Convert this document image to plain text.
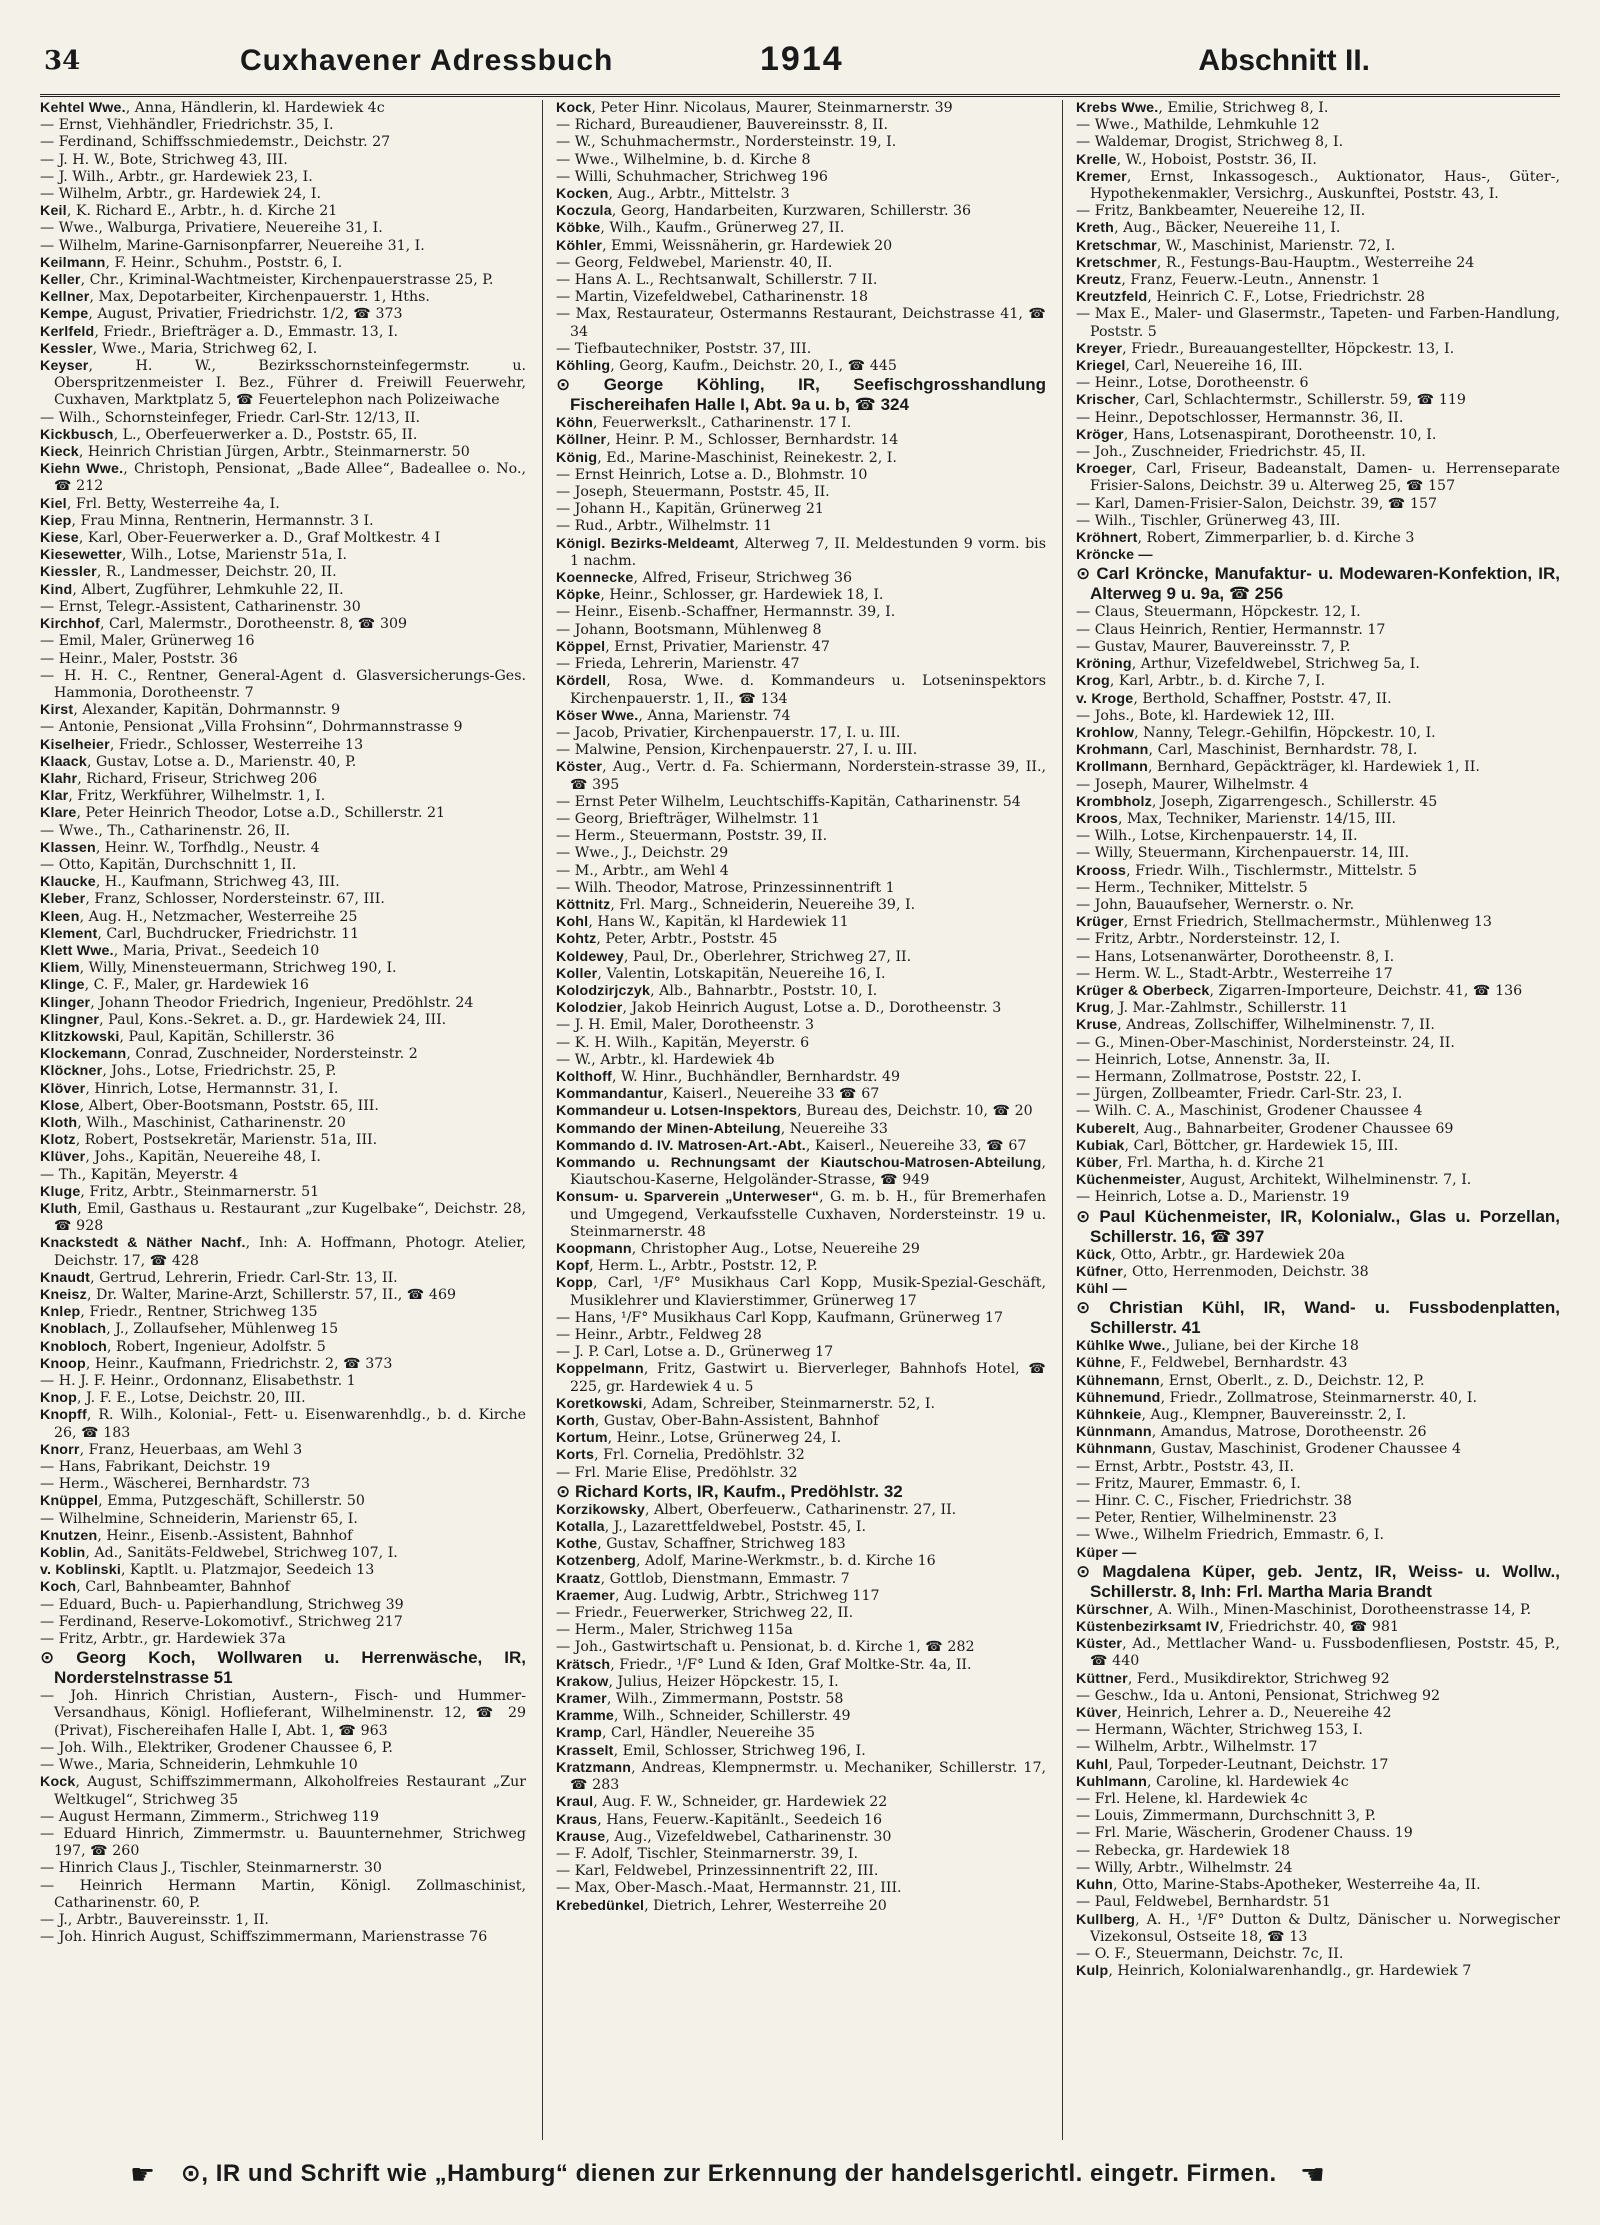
34	Cuxhavener Adressbuch	1914	Abschnitt II.

Kehtel Wwe., Anna, Händlerin, kl. Hardewiek 4c

— Ernst, Viehhändler, Friedrichstr. 35, I.

— Ferdinand, Schiffsschmiedemstr., Deichstr. 27

— J. H. W., Bote, Strichweg 43, III.

— J. Wilh., Arbtr., gr. Hardewiek 23, I.

— Wilhelm, Arbtr., gr. Hardewiek 24, I.

Keil, K. Richard E., Arbtr., h. d. Kirche 21

— Wwe., Walburga, Privatiere, Neuereihe 31, I.

— Wilhelm, Marine-Garnisonpfarrer, Neuereihe 31, I.

Keilmann, F. Heinr., Schuhm., Poststr. 6, I.

Keller, Chr., Kriminal-Wachtmeister, Kirchenpauerstrasse 25, P.

Kellner, Max, Depotarbeiter, Kirchenpauerstr. 1, Hths.

Kempe, August, Privatier, Friedrichstr. 1/2, ☎ 373

Kerlfeld, Friedr., Briefträger a. D., Emmastr. 13, I.

Kessler, Wwe., Maria, Strichweg 62, I.

Keyser, H. W., Bezirksschornsteinfegermstr. u. Oberspritzenmeister I. Bez., Führer d. Freiwill Feuerwehr, Cuxhaven, Marktplatz 5, ☎ Feuertelephon nach Polizeiwache

— Wilh., Schornsteinfeger, Friedr. Carl-Str. 12/13, II.

Kickbusch, L., Oberfeuerwerker a. D., Poststr. 65, II.

Kieck, Heinrich Christian Jürgen, Arbtr., Steinmarnerstr. 50

Kiehn Wwe., Christoph, Pensionat, „Bade Allee“, Badeallee o. No., ☎ 212

Kiel, Frl. Betty, Westerreihe 4a, I.

Kiep, Frau Minna, Rentnerin, Hermannstr. 3 I.

Kiese, Karl, Ober-Feuerwerker a. D., Graf Moltkestr. 4 I

Kiesewetter, Wilh., Lotse, Marienstr 51a, I.

Kiessler, R., Landmesser, Deichstr. 20, II.

Kind, Albert, Zugführer, Lehmkuhle 22, II.

— Ernst, Telegr.-Assistent, Catharinenstr. 30

Kirchhof, Carl, Malermstr., Dorotheenstr. 8, ☎ 309

— Emil, Maler, Grünerweg 16

— Heinr., Maler, Poststr. 36

— H. H. C., Rentner, General-Agent d. Glasversicherungs-Ges. Hammonia, Dorotheenstr. 7

Kirst, Alexander, Kapitän, Dohrmannstr. 9

— Antonie, Pensionat „Villa Frohsinn“, Dohrmannstrasse 9

Kiselheier, Friedr., Schlosser, Westerreihe 13

Klaack, Gustav, Lotse a. D., Marienstr. 40, P.

Klahr, Richard, Friseur, Strichweg 206

Klar, Fritz, Werkführer, Wilhelmstr. 1, I.

Klare, Peter Heinrich Theodor, Lotse a.D., Schillerstr. 21

— Wwe., Th., Catharinenstr. 26, II.

Klassen, Heinr. W., Torfhdlg., Neustr. 4

— Otto, Kapitän, Durchschnitt 1, II.

Klaucke, H., Kaufmann, Strichweg 43, III.

Kleber, Franz, Schlosser, Nordersteinstr. 67, III.

Kleen, Aug. H., Netzmacher, Westerreihe 25

Klement, Carl, Buchdrucker, Friedrichstr. 11

Klett Wwe., Maria, Privat., Seedeich 10

Kliem, Willy, Minensteuermann, Strichweg 190, I.

Klinge, C. F., Maler, gr. Hardewiek 16

Klinger, Johann Theodor Friedrich, Ingenieur, Predöhlstr. 24

Klingner, Paul, Kons.-Sekret. a. D., gr. Hardewiek 24, III.

Klitzkowski, Paul, Kapitän, Schillerstr. 36

Klockemann, Conrad, Zuschneider, Nordersteinstr. 2

Klöckner, Johs., Lotse, Friedrichstr. 25, P.

Klöver, Hinrich, Lotse, Hermannstr. 31, I.

Klose, Albert, Ober-Bootsmann, Poststr. 65, III.

Kloth, Wilh., Maschinist, Catharinenstr. 20

Klotz, Robert, Postsekretär, Marienstr. 51a, III.

Klüver, Johs., Kapitän, Neuereihe 48, I.

— Th., Kapitän, Meyerstr. 4

Kluge, Fritz, Arbtr., Steinmarnerstr. 51

Kluth, Emil, Gasthaus u. Restaurant „zur Kugelbake“, Deichstr. 28, ☎ 928

Knackstedt & Näther Nachf., Inh: A. Hoffmann, Photogr. Atelier, Deichstr. 17, ☎ 428

Knaudt, Gertrud, Lehrerin, Friedr. Carl-Str. 13, II.

Kneisz, Dr. Walter, Marine-Arzt, Schillerstr. 57, II., ☎ 469

Knlep, Friedr., Rentner, Strichweg 135

Knoblach, J., Zollaufseher, Mühlenweg 15

Knobloch, Robert, Ingenieur, Adolfstr. 5

Knoop, Heinr., Kaufmann, Friedrichstr. 2, ☎ 373

— H. J. F. Heinr., Ordonnanz, Elisabethstr. 1

Knop, J. F. E., Lotse, Deichstr. 20, III.

Knopff, R. Wilh., Kolonial-, Fett- u. Eisenwarenhdlg., b. d. Kirche 26, ☎ 183

Knorr, Franz, Heuerbaas, am Wehl 3

— Hans, Fabrikant, Deichstr. 19

— Herm., Wäscherei, Bernhardstr. 73

Knüppel, Emma, Putzgeschäft, Schillerstr. 50

— Wilhelmine, Schneiderin, Marienstr 65, I.

Knutzen, Heinr., Eisenb.-Assistent, Bahnhof

Koblin, Ad., Sanitäts-Feldwebel, Strichweg 107, I.

v. Koblinski, Kaptlt. u. Platzmajor, Seedeich 13

Koch, Carl, Bahnbeamter, Bahnhof

— Eduard, Buch- u. Papierhandlung, Strichweg 39

— Ferdinand, Reserve-Lokomotivf., Strichweg 217

— Fritz, Arbtr., gr. Hardewiek 37a

⊙ Georg Koch, Wollwaren u. Herrenwäsche, IR, Norderstelnstrasse 51

— Joh. Hinrich Christian, Austern-, Fisch- und Hummer-Versandhaus, Königl. Hoflieferant, Wilhelminenstr. 12, ☎ 29 (Privat), Fischereihafen Halle I, Abt. 1, ☎ 963

— Joh. Wilh., Elektriker, Grodener Chaussee 6, P.

— Wwe., Maria, Schneiderin, Lehmkuhle 10

Kock, August, Schiffszimmermann, Alkoholfreies Restaurant „Zur Weltkugel“, Strichweg 35

— August Hermann, Zimmerm., Strichweg 119

— Eduard Hinrich, Zimmermstr. u. Bauunternehmer, Strichweg 197, ☎ 260

— Hinrich Claus J., Tischler, Steinmarnerstr. 30

— Heinrich Hermann Martin, Königl. Zollmaschinist, Catharinenstr. 60, P.

— J., Arbtr., Bauvereinsstr. 1, II.

— Joh. Hinrich August, Schiffszimmermann, Marienstrasse 76

Kock, Peter Hinr. Nicolaus, Maurer, Steinmarnerstr. 39

— Richard, Bureaudiener, Bauvereinsstr. 8, II.

— W., Schuhmachermstr., Nordersteinstr. 19, I.

— Wwe., Wilhelmine, b. d. Kirche 8

— Willi, Schuhmacher, Strichweg 196

Kocken, Aug., Arbtr., Mittelstr. 3

Koczula, Georg, Handarbeiten, Kurzwaren, Schillerstr. 36

Köbke, Wilh., Kaufm., Grünerweg 27, II.

Köhler, Emmi, Weissnäherin, gr. Hardewiek 20

— Georg, Feldwebel, Marienstr. 40, II.

— Hans A. L., Rechtsanwalt, Schillerstr. 7 II.

— Martin, Vizefeldwebel, Catharinenstr. 18

— Max, Restaurateur, Ostermanns Restaurant, Deichstrasse 41, ☎ 34

— Tiefbautechniker, Poststr. 37, III.

Köhling, Georg, Kaufm., Deichstr. 20, I., ☎ 445

⊙ George Köhling, IR, Seefischgrosshandlung Fischereihafen Halle I, Abt. 9a u. b, ☎ 324

Köhn, Feuerwerkslt., Catharinenstr. 17 I.

Köllner, Heinr. P. M., Schlosser, Bernhardstr. 14

König, Ed., Marine-Maschinist, Reinekestr. 2, I.

— Ernst Heinrich, Lotse a. D., Blohmstr. 10

— Joseph, Steuermann, Poststr. 45, II.

— Johann H., Kapitän, Grünerweg 21

— Rud., Arbtr., Wilhelmstr. 11

Königl. Bezirks-Meldeamt, Alterweg 7, II. Meldestunden 9 vorm. bis 1 nachm.

Koennecke, Alfred, Friseur, Strichweg 36

Köpke, Heinr., Schlosser, gr. Hardewiek 18, I.

— Heinr., Eisenb.-Schaffner, Hermannstr. 39, I.

— Johann, Bootsmann, Mühlenweg 8

Köppel, Ernst, Privatier, Marienstr. 47

— Frieda, Lehrerin, Marienstr. 47

Kördell, Rosa, Wwe. d. Kommandeurs u. Lotseninspektors Kirchenpauerstr. 1, II., ☎ 134

Köser Wwe., Anna, Marienstr. 74

— Jacob, Privatier, Kirchenpauerstr. 17, I. u. III.

— Malwine, Pension, Kirchenpauerstr. 27, I. u. III.

Köster, Aug., Vertr. d. Fa. Schiermann, Norderstein-strasse 39, II., ☎ 395

— Ernst Peter Wilhelm, Leuchtschiffs-Kapitän, Catharinenstr. 54

— Georg, Briefträger, Wilhelmstr. 11

— Herm., Steuermann, Poststr. 39, II.

— Wwe., J., Deichstr. 29

— M., Arbtr., am Wehl 4

— Wilh. Theodor, Matrose, Prinzessinnentrift 1

Köttnitz, Frl. Marg., Schneiderin, Neuereihe 39, I.

Kohl, Hans W., Kapitän, kl Hardewiek 11

Kohtz, Peter, Arbtr., Poststr. 45

Koldewey, Paul, Dr., Oberlehrer, Strichweg 27, II.

Koller, Valentin, Lotskapitän, Neuereihe 16, I.

Kolodzirjczyk, Alb., Bahnarbtr., Poststr. 10, I.

Kolodzier, Jakob Heinrich August, Lotse a. D., Dorotheenstr. 3

— J. H. Emil, Maler, Dorotheenstr. 3

— K. H. Wilh., Kapitän, Meyerstr. 6

— W., Arbtr., kl. Hardewiek 4b

Kolthoff, W. Hinr., Buchhändler, Bernhardstr. 49

Kommandantur, Kaiserl., Neuereihe 33 ☎ 67

Kommandeur u. Lotsen-Inspektors, Bureau des, Deichstr. 10, ☎ 20

Kommando der Minen-Abteilung, Neuereihe 33

Kommando d. IV. Matrosen-Art.-Abt., Kaiserl., Neuereihe 33, ☎ 67

Kommando u. Rechnungsamt der Kiautschou-Matrosen-Abteilung, Kiautschou-Kaserne, Helgoländer-Strasse, ☎ 949

Konsum- u. Sparverein „Unterweser“, G. m. b. H., für Bremerhafen und Umgegend, Verkaufsstelle Cuxhaven, Nordersteinstr. 19 u. Steinmarnerstr. 48

Koopmann, Christopher Aug., Lotse, Neuereihe 29

Kopf, Herm. L., Arbtr., Poststr. 12, P.

Kopp, Carl, ¹/F° Musikhaus Carl Kopp, Musik-Spezial-Geschäft, Musiklehrer und Klavierstimmer, Grünerweg 17

— Hans, ¹/F° Musikhaus Carl Kopp, Kaufmann, Grünerweg 17

— Heinr., Arbtr., Feldweg 28

— J. P. Carl, Lotse a. D., Grünerweg 17

Koppelmann, Fritz, Gastwirt u. Bierverleger, Bahnhofs Hotel, ☎ 225, gr. Hardewiek 4 u. 5

Koretkowski, Adam, Schreiber, Steinmarnerstr. 52, I.

Korth, Gustav, Ober-Bahn-Assistent, Bahnhof

Kortum, Heinr., Lotse, Grünerweg 24, I.

Korts, Frl. Cornelia, Predöhlstr. 32

— Frl. Marie Elise, Predöhlstr. 32

⊙ Richard Korts, IR, Kaufm., Predöhlstr. 32

Korzikowsky, Albert, Oberfeuerw., Catharinenstr. 27, II.

Kotalla, J., Lazarettfeldwebel, Poststr. 45, I.

Kothe, Gustav, Schaffner, Strichweg 183

Kotzenberg, Adolf, Marine-Werkmstr., b. d. Kirche 16

Kraatz, Gottlob, Dienstmann, Emmastr. 7

Kraemer, Aug. Ludwig, Arbtr., Strichweg 117

— Friedr., Feuerwerker, Strichweg 22, II.

— Herm., Maler, Strichweg 115a

— Joh., Gastwirtschaft u. Pensionat, b. d. Kirche 1, ☎ 282

Krätsch, Friedr., ¹/F° Lund & Iden, Graf Moltke-Str. 4a, II.

Krakow, Julius, Heizer Höpckestr. 15, I.

Kramer, Wilh., Zimmermann, Poststr. 58

Kramme, Wilh., Schneider, Schillerstr. 49

Kramp, Carl, Händler, Neuereihe 35

Krasselt, Emil, Schlosser, Strichweg 196, I.

Kratzmann, Andreas, Klempnermstr. u. Mechaniker, Schillerstr. 17, ☎ 283

Kraul, Aug. F. W., Schneider, gr. Hardewiek 22

Kraus, Hans, Feuerw.-Kapitänlt., Seedeich 16

Krause, Aug., Vizefeldwebel, Catharinenstr. 30

— F. Adolf, Tischler, Steinmarnerstr. 39, I.

— Karl, Feldwebel, Prinzessinnentrift 22, III.

— Max, Ober-Masch.-Maat, Hermannstr. 21, III.

Krebedünkel, Dietrich, Lehrer, Westerreihe 20

Krebs Wwe., Emilie, Strichweg 8, I.

— Wwe., Mathilde, Lehmkuhle 12

— Waldemar, Drogist, Strichweg 8, I.

Krelle, W., Hoboist, Poststr. 36, II.

Kremer, Ernst, Inkassogesch., Auktionator, Haus-, Güter-, Hypothekenmakler, Versichrg., Auskunftei, Poststr. 43, I.

— Fritz, Bankbeamter, Neuereihe 12, II.

Kreth, Aug., Bäcker, Neuereihe 11, I.

Kretschmar, W., Maschinist, Marienstr. 72, I.

Kretschmer, R., Festungs-Bau-Hauptm., Westerreihe 24

Kreutz, Franz, Feuerw.-Leutn., Annenstr. 1

Kreutzfeld, Heinrich C. F., Lotse, Friedrichstr. 28

— Max E., Maler- und Glasermstr., Tapeten- und Farben-Handlung, Poststr. 5

Kreyer, Friedr., Bureauangestellter, Höpckestr. 13, I.

Kriegel, Carl, Neuereihe 16, III.

— Heinr., Lotse, Dorotheenstr. 6

Krischer, Carl, Schlachtermstr., Schillerstr. 59, ☎ 119

— Heinr., Depotschlosser, Hermannstr. 36, II.

Kröger, Hans, Lotsenaspirant, Dorotheenstr. 10, I.

— Joh., Zuschneider, Friedrichstr. 45, II.

Kroeger, Carl, Friseur, Badeanstalt, Damen- u. Herrenseparate Frisier-Salons, Deichstr. 39 u. Alterweg 25, ☎ 157

— Karl, Damen-Frisier-Salon, Deichstr. 39, ☎ 157

— Wilh., Tischler, Grünerweg 43, III.

Kröhnert, Robert, Zimmerparlier, b. d. Kirche 3

Kröncke —

⊙ Carl Kröncke, Manufaktur- u. Modewaren-Konfektion, IR, Alterweg 9 u. 9a, ☎ 256

— Claus, Steuermann, Höpckestr. 12, I.

— Claus Heinrich, Rentier, Hermannstr. 17

— Gustav, Maurer, Bauvereinsstr. 7, P.

Kröning, Arthur, Vizefeldwebel, Strichweg 5a, I.

Krog, Karl, Arbtr., b. d. Kirche 7, I.

v. Kroge, Berthold, Schaffner, Poststr. 47, II.

— Johs., Bote, kl. Hardewiek 12, III.

Krohlow, Nanny, Telegr.-Gehilfin, Höpckestr. 10, I.

Krohmann, Carl, Maschinist, Bernhardstr. 78, I.

Krollmann, Bernhard, Gepäckträger, kl. Hardewiek 1, II.

— Joseph, Maurer, Wilhelmstr. 4

Krombholz, Joseph, Zigarrengesch., Schillerstr. 45

Kroos, Max, Techniker, Marienstr. 14/15, III.

— Wilh., Lotse, Kirchenpauerstr. 14, II.

— Willy, Steuermann, Kirchenpauerstr. 14, III.

Krooss, Friedr. Wilh., Tischlermstr., Mittelstr. 5

— Herm., Techniker, Mittelstr. 5

— John, Bauaufseher, Wernerstr. o. Nr.

Krüger, Ernst Friedrich, Stellmachermstr., Mühlenweg 13

— Fritz, Arbtr., Nordersteinstr. 12, I.

— Hans, Lotsenanwärter, Dorotheenstr. 8, I.

— Herm. W. L., Stadt-Arbtr., Westerreihe 17

Krüger & Oberbeck, Zigarren-Importeure, Deichstr. 41, ☎ 136

Krug, J. Mar.-Zahlmstr., Schillerstr. 11

Kruse, Andreas, Zollschiffer, Wilhelminenstr. 7, II.

— G., Minen-Ober-Maschinist, Nordersteinstr. 24, II.

— Heinrich, Lotse, Annenstr. 3a, II.

— Hermann, Zollmatrose, Poststr. 22, I.

— Jürgen, Zollbeamter, Friedr. Carl-Str. 23, I.

— Wilh. C. A., Maschinist, Grodener Chaussee 4

Kuberelt, Aug., Bahnarbeiter, Grodener Chaussee 69

Kubiak, Carl, Böttcher, gr. Hardewiek 15, III.

Küber, Frl. Martha, h. d. Kirche 21

Küchenmeister, August, Architekt, Wilhelminenstr. 7, I.

— Heinrich, Lotse a. D., Marienstr. 19

⊙ Paul Küchenmeister, IR, Kolonialw., Glas u. Porzellan, Schillerstr. 16, ☎ 397

Kück, Otto, Arbtr., gr. Hardewiek 20a

Küfner, Otto, Herrenmoden, Deichstr. 38

Kühl —

⊙ Christian Kühl, IR, Wand- u. Fussbodenplatten, Schillerstr. 41

Kühlke Wwe., Juliane, bei der Kirche 18

Kühne, F., Feldwebel, Bernhardstr. 43

Kühnemann, Ernst, Oberlt., z. D., Deichstr. 12, P.

Kühnemund, Friedr., Zollmatrose, Steinmarnerstr. 40, I.

Kühnkeie, Aug., Klempner, Bauvereinsstr. 2, I.

Künnmann, Amandus, Matrose, Dorotheenstr. 26

Kühnmann, Gustav, Maschinist, Grodener Chaussee 4

— Ernst, Arbtr., Poststr. 43, II.

— Fritz, Maurer, Emmastr. 6, I.

— Hinr. C. C., Fischer, Friedrichstr. 38

— Peter, Rentier, Wilhelminenstr. 23

— Wwe., Wilhelm Friedrich, Emmastr. 6, I.

Küper —

⊙ Magdalena Küper, geb. Jentz, IR, Weiss- u. Wollw., Schillerstr. 8, Inh: Frl. Martha Maria Brandt

Kürschner, A. Wilh., Minen-Maschinist, Dorotheenstrasse 14, P.

Küstenbezirksamt IV, Friedrichstr. 40, ☎ 981

Küster, Ad., Mettlacher Wand- u. Fussbodenfliesen, Poststr. 45, P., ☎ 440

Küttner, Ferd., Musikdirektor, Strichweg 92

— Geschw., Ida u. Antoni, Pensionat, Strichweg 92

Küver, Heinrich, Lehrer a. D., Neuereihe 42

— Hermann, Wächter, Strichweg 153, I.

— Wilhelm, Arbtr., Wilhelmstr. 17

Kuhl, Paul, Torpeder-Leutnant, Deichstr. 17

Kuhlmann, Caroline, kl. Hardewiek 4c

— Frl. Helene, kl. Hardewiek 4c

— Louis, Zimmermann, Durchschnitt 3, P.

— Frl. Marie, Wäscherin, Grodener Chauss. 19

— Rebecka, gr. Hardewiek 18

— Willy, Arbtr., Wilhelmstr. 24

Kuhn, Otto, Marine-Stabs-Apotheker, Westerreihe 4a, II.

— Paul, Feldwebel, Bernhardstr. 51

Kullberg, A. H., ¹/F° Dutton & Dultz, Dänischer u. Norwegischer Vizekonsul, Ostseite 18, ☎ 13

— O. F., Steuermann, Deichstr. 7c, II.

Kulp, Heinrich, Kolonialwarenhandlg., gr. Hardewiek 7

☛ ⊙, IR und Schrift wie „Hamburg“ dienen zur Erkennung der handelsgerichtl. eingetr. Firmen. ☚
